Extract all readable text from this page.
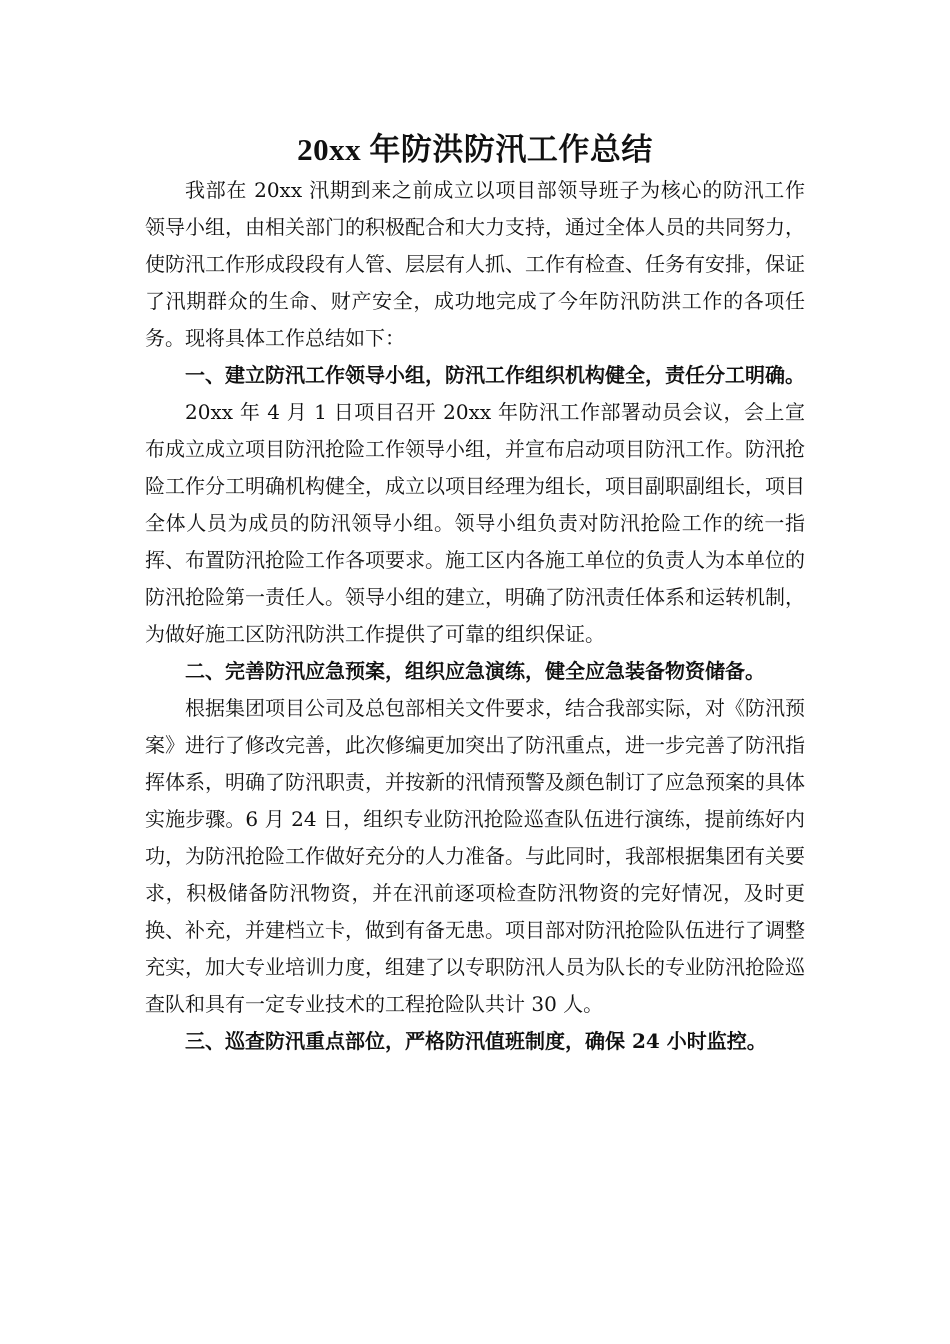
20xx 年防洪防汛工作总结

我部在 20xx 汛期到来之前成立以项目部领导班子为核心的防汛工作领导小组，由相关部门的积极配合和大力支持，通过全体人员的共同努力，使防汛工作形成段段有人管、层层有人抓、工作有检查、任务有安排，保证了汛期群众的生命、财产安全，成功地完成了今年防汛防洪工作的各项任务。现将具体工作总结如下：

一、建立防汛工作领导小组，防汛工作组织机构健全，责任分工明确。

20xx 年 4 月 1 日项目召开 20xx 年防汛工作部署动员会议，会上宣布成立成立项目防汛抢险工作领导小组，并宣布启动项目防汛工作。防汛抢险工作分工明确机构健全，成立以项目经理为组长，项目副职副组长，项目全体人员为成员的防汛领导小组。领导小组负责对防汛抢险工作的统一指挥、布置防汛抢险工作各项要求。施工区内各施工单位的负责人为本单位的防汛抢险第一责任人。领导小组的建立，明确了防汛责任体系和运转机制，为做好施工区防汛防洪工作提供了可靠的组织保证。

二、完善防汛应急预案，组织应急演练，健全应急装备物资储备。

根据集团项目公司及总包部相关文件要求，结合我部实际，对《防汛预案》进行了修改完善，此次修编更加突出了防汛重点，进一步完善了防汛指挥体系，明确了防汛职责，并按新的汛情预警及颜色制订了应急预案的具体实施步骤。6 月 24 日，组织专业防汛抢险巡查队伍进行演练，提前练好内功，为防汛抢险工作做好充分的人力准备。与此同时，我部根据集团有关要求，积极储备防汛物资，并在汛前逐项检查防汛物资的完好情况，及时更换、补充，并建档立卡，做到有备无患。项目部对防汛抢险队伍进行了调整充实，加大专业培训力度，组建了以专职防汛人员为队长的专业防汛抢险巡查队和具有一定专业技术的工程抢险队共计 30 人。

三、巡查防汛重点部位，严格防汛值班制度，确保 24 小时监控。
